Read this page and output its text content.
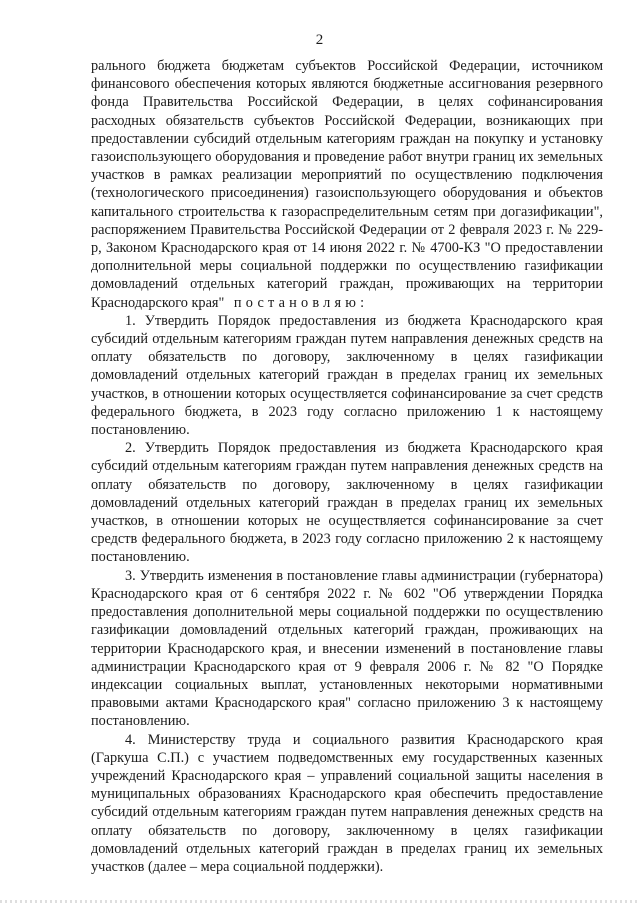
2

рального бюджета бюджетам субъектов Российской Федерации, источником финансового обеспечения которых являются бюджетные ассигнования резервного фонда Правительства Российской Федерации, в целях софинансирования расходных обязательств субъектов Российской Федерации, возникающих при предоставлении субсидий отдельным категориям граждан на покупку и установку газоиспользующего оборудования и проведение работ внутри границ их земельных участков в рамках реализации мероприятий по осуществлению подключения (технологического присоединения) газоиспользующего оборудования и объектов капитального строительства к газораспределительным сетям при догазификации", распоряжением Правительства Российской Федерации от 2 февраля 2023 г. № 229-р, Законом Краснодарского края от 14 июня 2022 г. № 4700-КЗ "О предоставлении дополнительной меры социальной поддержки по осуществлению газификации домовладений отдельных категорий граждан, проживающих на территории Краснодарского края" постановляю:

1. Утвердить Порядок предоставления из бюджета Краснодарского края субсидий отдельным категориям граждан путем направления денежных средств на оплату обязательств по договору, заключенному в целях газификации домовладений отдельных категорий граждан в пределах границ их земельных участков, в отношении которых осуществляется софинансирование за счет средств федерального бюджета, в 2023 году согласно приложению 1 к настоящему постановлению.

2. Утвердить Порядок предоставления из бюджета Краснодарского края субсидий отдельным категориям граждан путем направления денежных средств на оплату обязательств по договору, заключенному в целях газификации домовладений отдельных категорий граждан в пределах границ их земельных участков, в отношении которых не осуществляется софинансирование за счет средств федерального бюджета, в 2023 году согласно приложению 2 к настоящему постановлению.

3. Утвердить изменения в постановление главы администрации (губернатора) Краснодарского края от 6 сентября 2022 г. № 602 "Об утверждении Порядка предоставления дополнительной меры социальной поддержки по осуществлению газификации домовладений отдельных категорий граждан, проживающих на территории Краснодарского края, и внесении изменений в постановление главы администрации Краснодарского края от 9 февраля 2006 г. № 82 "О Порядке индексации социальных выплат, установленных некоторыми нормативными правовыми актами Краснодарского края" согласно приложению 3 к настоящему постановлению.

4. Министерству труда и социального развития Краснодарского края (Гаркуша С.П.) с участием подведомственных ему государственных казенных учреждений Краснодарского края – управлений социальной защиты населения в муниципальных образованиях Краснодарского края обеспечить предоставление субсидий отдельным категориям граждан путем направления денежных средств на оплату обязательств по договору, заключенному в целях газификации домовладений отдельных категорий граждан в пределах границ их земельных участков (далее – мера социальной поддержки).
